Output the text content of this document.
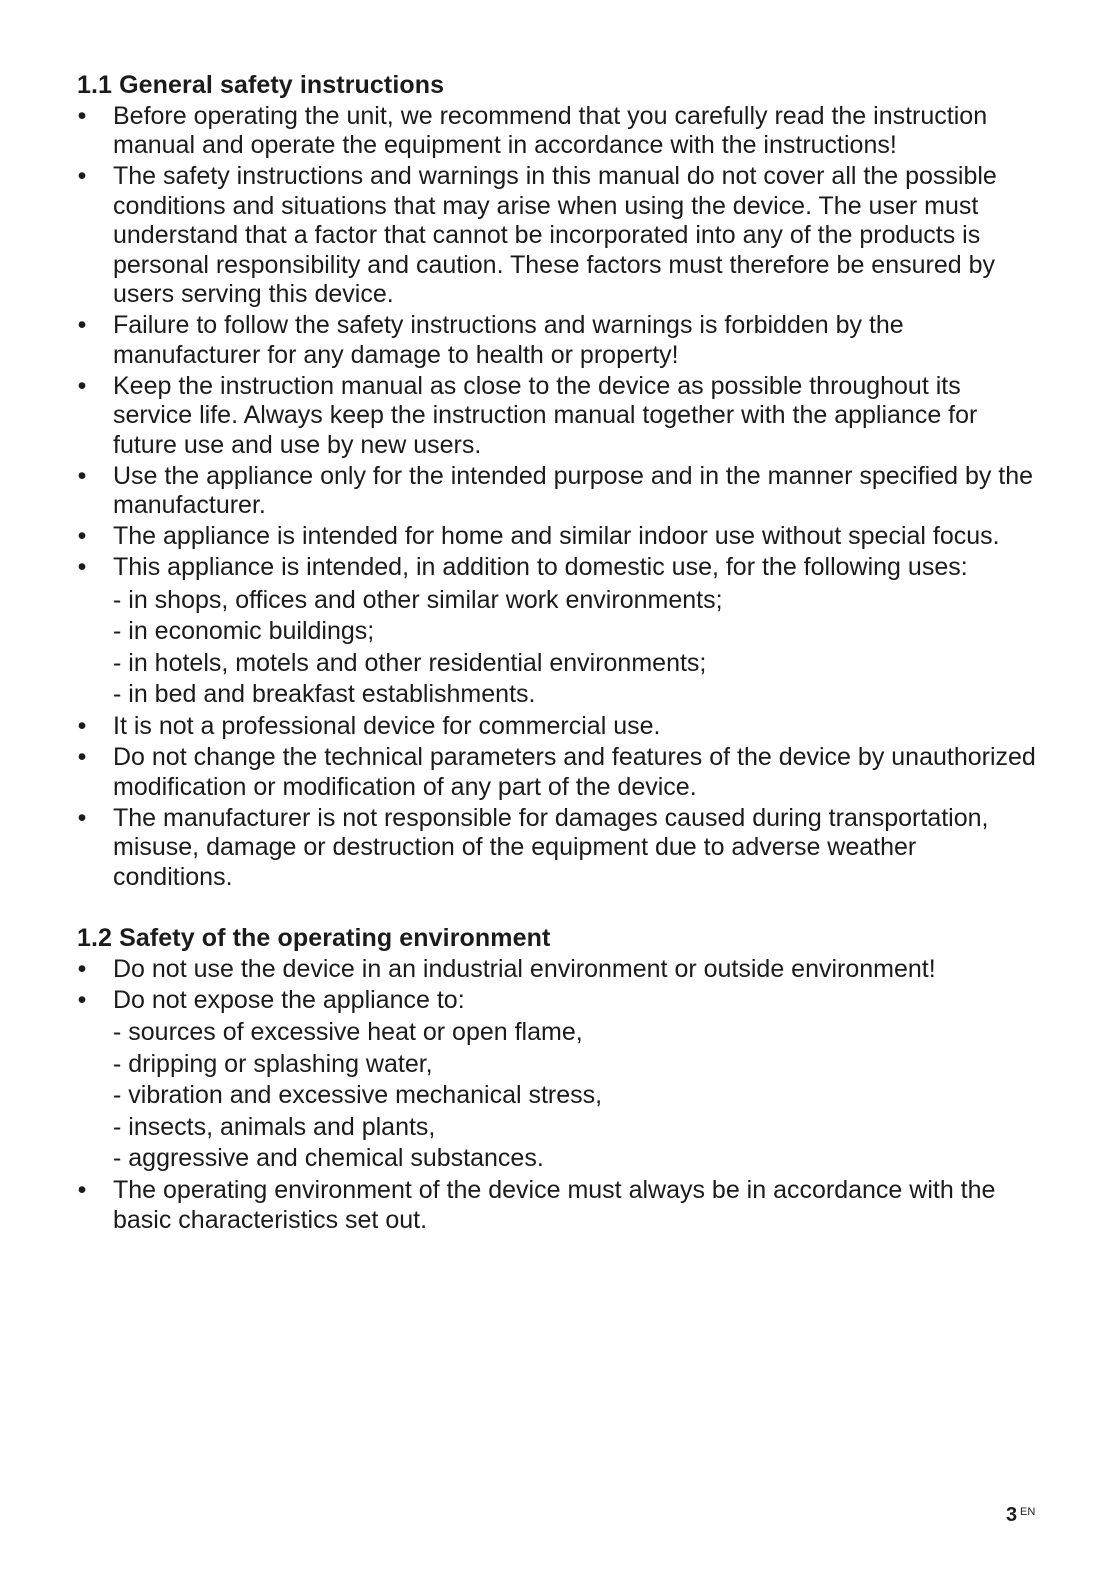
1.1 General safety instructions
• Before operating the unit, we recommend that you carefully read the instruction manual and operate the equipment in accordance with the instructions!
• The safety instructions and warnings in this manual do not cover all the possible conditions and situations that may arise when using the device. The user must understand that a factor that cannot be incorporated into any of the products is personal responsibility and caution. These factors must therefore be ensured by users serving this device.
• Failure to follow the safety instructions and warnings is forbidden by the manufacturer for any damage to health or property!
• Keep the instruction manual as close to the device as possible throughout its service life. Always keep the instruction manual together with the appliance for future use and use by new users.
• Use the appliance only for the intended purpose and in the manner specified by the manufacturer.
• The appliance is intended for home and similar indoor use without special focus.
• This appliance is intended, in addition to domestic use, for the following uses:
- in shops, offices and other similar work environments;
- in economic buildings;
- in hotels, motels and other residential environments;
- in bed and breakfast establishments.
• It is not a professional device for commercial use.
• Do not change the technical parameters and features of the device by unauthorized modification or modification of any part of the device.
• The manufacturer is not responsible for damages caused during transportation, misuse, damage or destruction of the equipment due to adverse weather conditions.
1.2 Safety of the operating environment
• Do not use the device in an industrial environment or outside environment!
• Do not expose the appliance to:
- sources of excessive heat or open flame,
- dripping or splashing water,
- vibration and excessive mechanical stress,
- insects, animals and plants,
- aggressive and chemical substances.
• The operating environment of the device must always be in accordance with the basic characteristics set out.
3 EN
